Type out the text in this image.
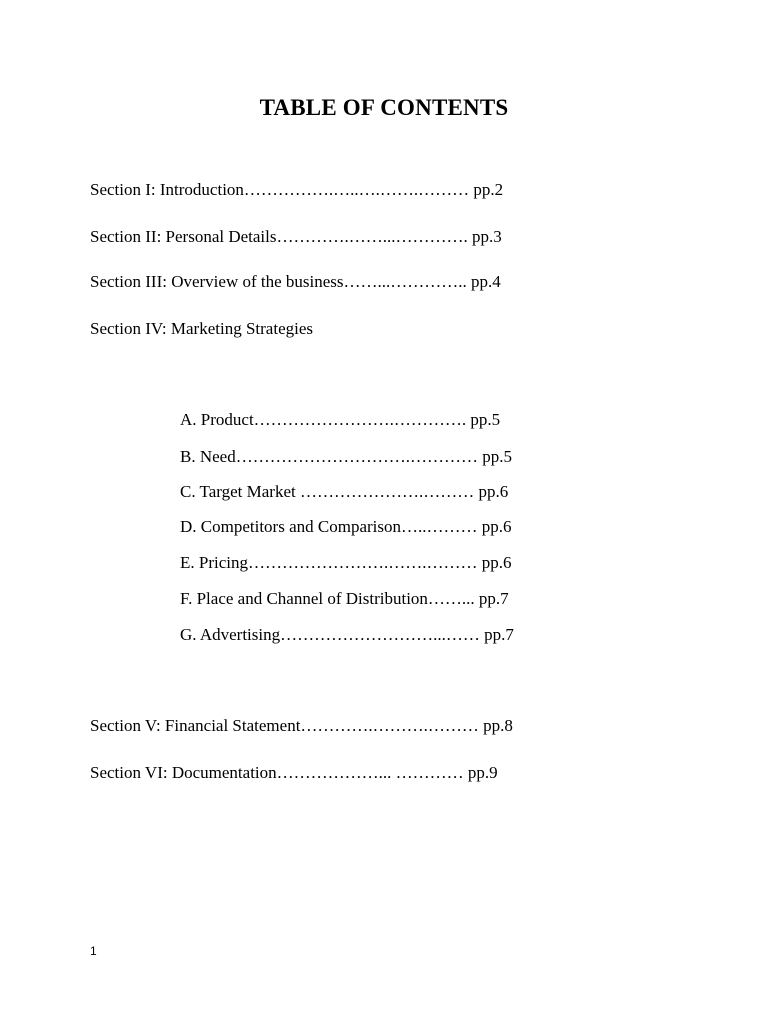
TABLE OF CONTENTS
Section I: Introduction…………….…..….…….……… pp.2
Section II: Personal Details………….……...…………. pp.3
Section III: Overview of the business……...………….. pp.4
Section IV: Marketing Strategies
A. Product…………………….…………. pp.5
B. Need………………………….………… pp.5
C. Target Market ………………….……… pp.6
D. Competitors and Comparison…..……… pp.6
E. Pricing…………………….…….……… pp.6
F. Place and Channel of Distribution……... pp.7
G. Advertising………………………...…… pp.7
Section V: Financial Statement………….……….……… pp.8
Section VI: Documentation………………... ………… pp.9
1
